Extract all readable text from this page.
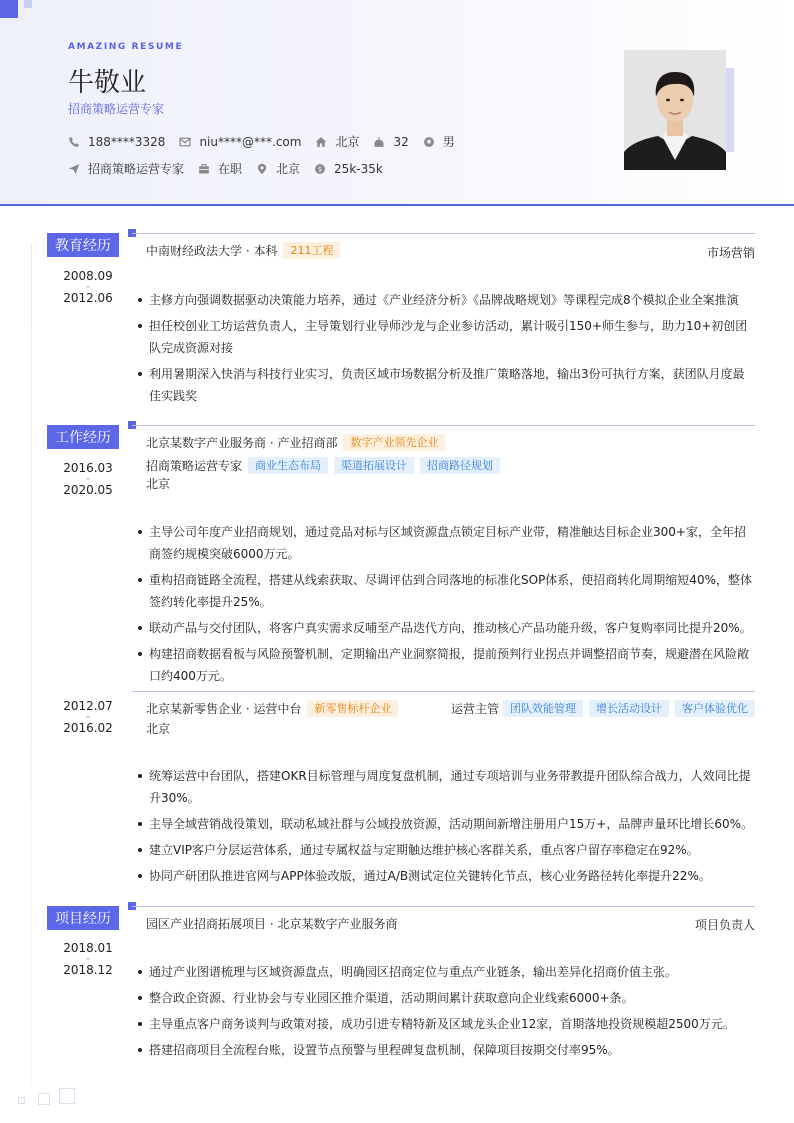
AMAZING RESUME
牛敬业
招商策略运营专家
188****3328	niu****@***.com	北京	32	男
招商策略运营专家	在职	北京 $ 25k-35k
教育经历	中南财经政法大学 · 本科	211工程	市场营销
2008.09
-
2012.06	主修方向强调数据驱动决策能力培养，通过《产业经济分析》《品牌战略规划》等课程完成8个模拟企业全案推演
担任校创业工坊运营负责人，主导策划行业导师沙龙与企业参访活动，累计吸引150+师生参与，助力10+初创团队完成资源对接
利用暑期深入快消与科技行业实习，负责区域市场数据分析及推广策略落地，输出3份可执行方案，获团队月度最佳实践奖
工作经历	北京某数字产业服务商 · 产业招商部	数字产业领先企业
招商策略运营专家	商业生态布局	渠道拓展设计	招商路径规划
北京
2016.03
-
2020.05
主导公司年度产业招商规划，通过竞品对标与区域资源盘点锁定目标产业带，精准触达目标企业300+家，全年招商签约规模突破6000万元。
重构招商链路全流程，搭建从线索获取、尽调评估到合同落地的标准化SOP体系，使招商转化周期缩短40%，整体签约转化率提升25%。
联动产品与交付团队，将客户真实需求反哺至产品迭代方向，推动核心产品功能升级，客户复购率同比提升20%。
构建招商数据看板与风险预警机制，定期输出产业洞察简报，提前预判行业拐点并调整招商节奏，规避潜在风险敞口约400万元。
北京某新零售企业 · 运营中台	新零售标杆企业	运营主管	团队效能管理	增长活动设计	客户体验优化
北京
2012.07
-
2016.02
统筹运营中台团队，搭建OKR目标管理与周度复盘机制，通过专项培训与业务带教提升团队综合战力，人效同比提升30%。
主导全域营销战役策划，联动私域社群与公域投放资源，活动期间新增注册用户15万+，品牌声量环比增长60%。
建立VIP客户分层运营体系，通过专属权益与定期触达维护核心客群关系，重点客户留存率稳定在92%。
协同产研团队推进官网与APP体验改版，通过A/B测试定位关键转化节点，核心业务路径转化率提升22%。
项目经历	园区产业招商拓展项目 · 北京某数字产业服务商	项目负责人
2018.01
-
2018.12	通过产业图谱梳理与区域资源盘点，明确园区招商定位与重点产业链条，输出差异化招商价值主张。
整合政企资源、行业协会与专业园区推介渠道，活动期间累计获取意向企业线索6000+条。
主导重点客户商务谈判与政策对接，成功引进专精特新及区域龙头企业12家，首期落地投资规模超2500万元。
搭建招商项目全流程台账，设置节点预警与里程碑复盘机制，保障项目按期交付率95%。
